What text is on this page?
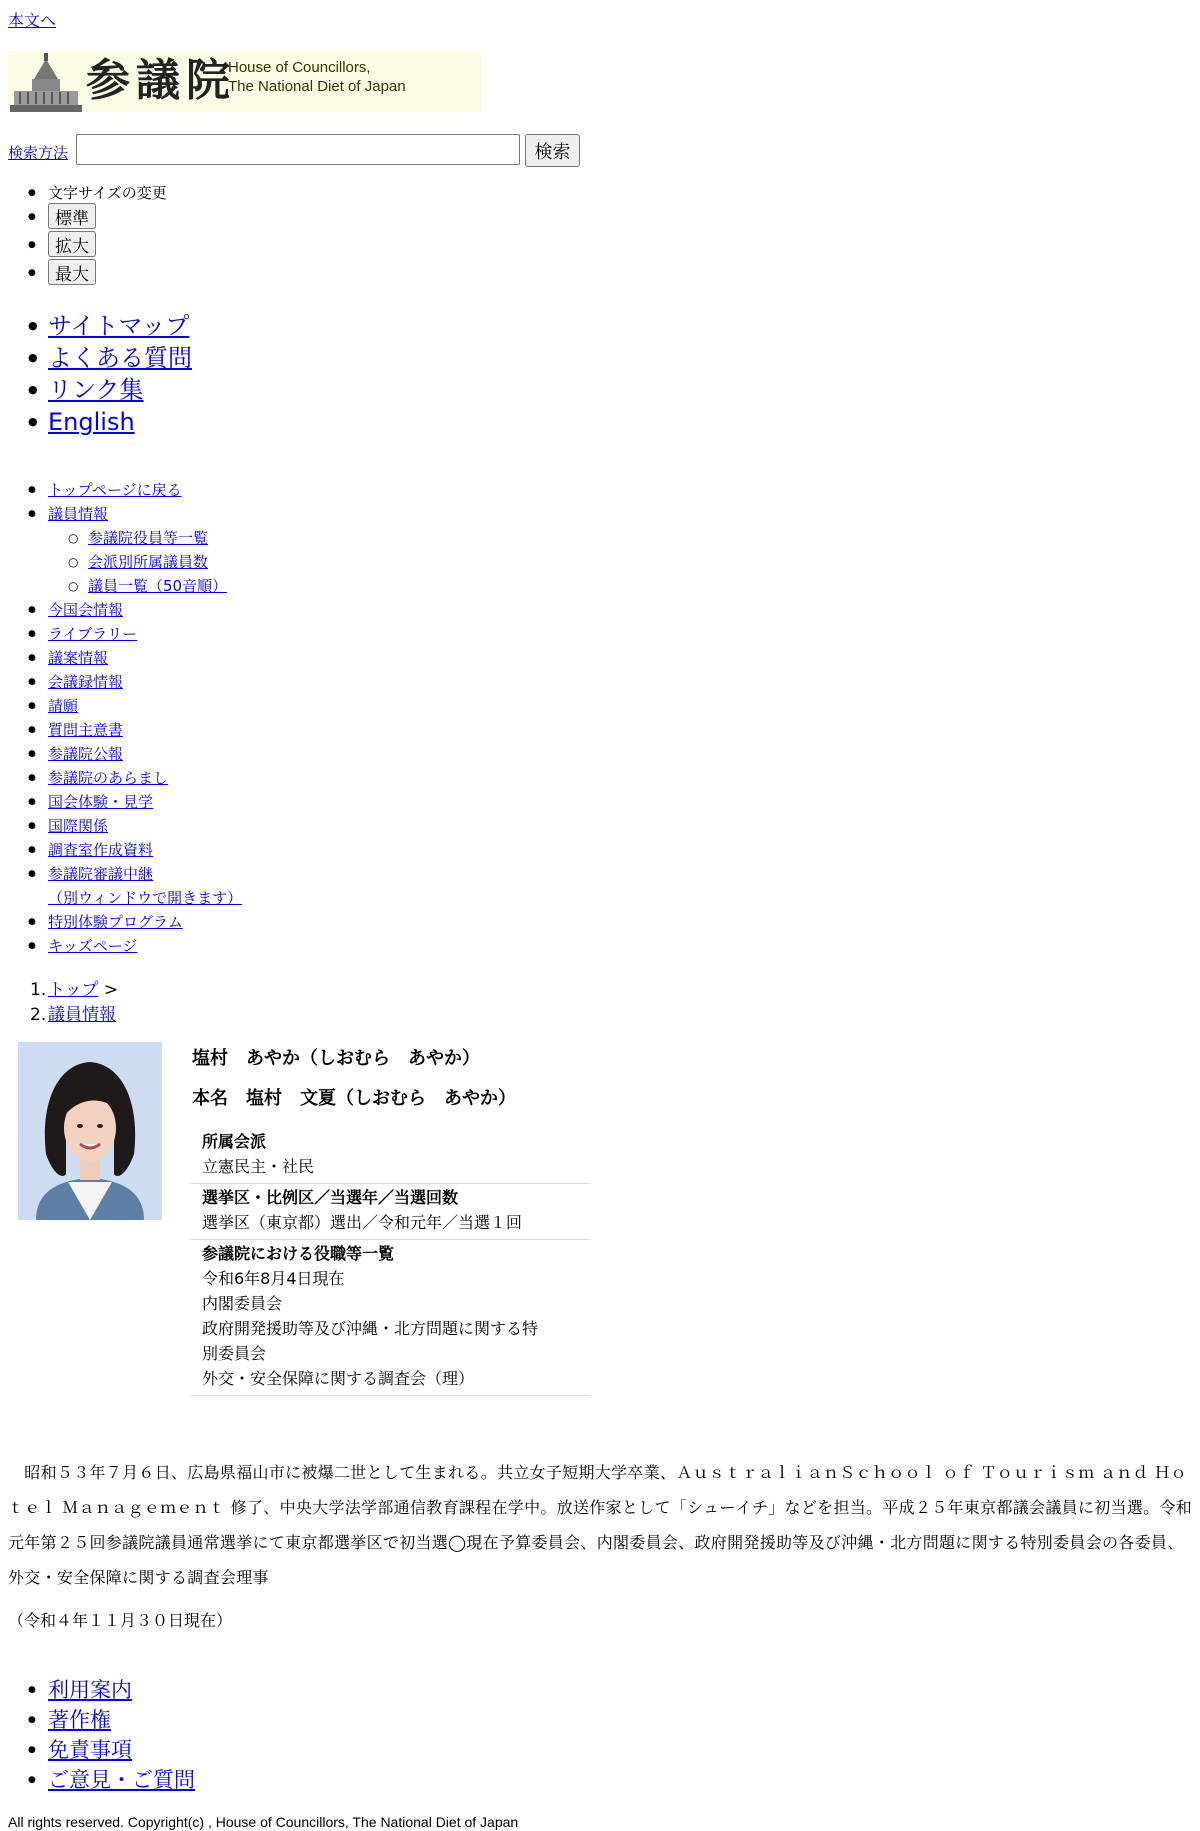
本文へ
参議院
House of Councillors,
The National Diet of Japan
検索方法	検索
● 文字サイズの変更
● 標準
● 拡大
● 最大
● サイトマップ
● よくある質問
● リンク集
● English
● トップページに戻る
● 議員情報
○ 参議院役員等一覧
○ 会派別所属議員数
○ 議員一覧（50音順）
● 今国会情報
● ライブラリー
● 議案情報
● 会議録情報
● 請願
● 質問主意書
● 参議院公報
● 参議院のあらまし
● 国会体験・見学
● 国際関係
● 調査室作成資料
● 参議院審議中継
（別ウィンドウで開きます）
● 特別体験プログラム
● キッズページ
1. トップ >
2. 議員情報
塩村　あやか（しおむら　あやか）
本名　塩村　文夏（しおむら　あやか）
所属会派
立憲民主・社民
選挙区・比例区／当選年／当選回数
選挙区（東京都）選出／令和元年／当選１回
参議院における役職等一覧
令和6年8月4日現在
内閣委員会
政府開発援助等及び沖縄・北方問題に関する特
別委員会
外交・安全保障に関する調査会（理）
　昭和５３年７月６日、広島県福山市に被爆二世として生まれる。共立女子短期大学卒業、ＡｕｓｔｒａｌｉａｎＳｃｈｏｏｌ ｏｆ Ｔｏｕｒｉｓｍ ａｎｄ Ｈｏｔｅｌ Ｍａｎａｇｅｍｅｎｔ 修了、中央大学法学部通信教育課程在学中。放送作家として「シューイチ」などを担当。平成２５年東京都議会議員に初当選。令和元年第２５回参議院議員通常選挙にて東京都選挙区で初当選◯現在予算委員会、内閣委員会、政府開発援助等及び沖縄・北方問題に関する特別委員会の各委員、外交・安全保障に関する調査会理事
（令和４年１１月３０日現在）
● 利用案内
● 著作権
● 免責事項
● ご意見・ご質問
All rights reserved. Copyright(c) , House of Councillors, The National Diet of Japan
